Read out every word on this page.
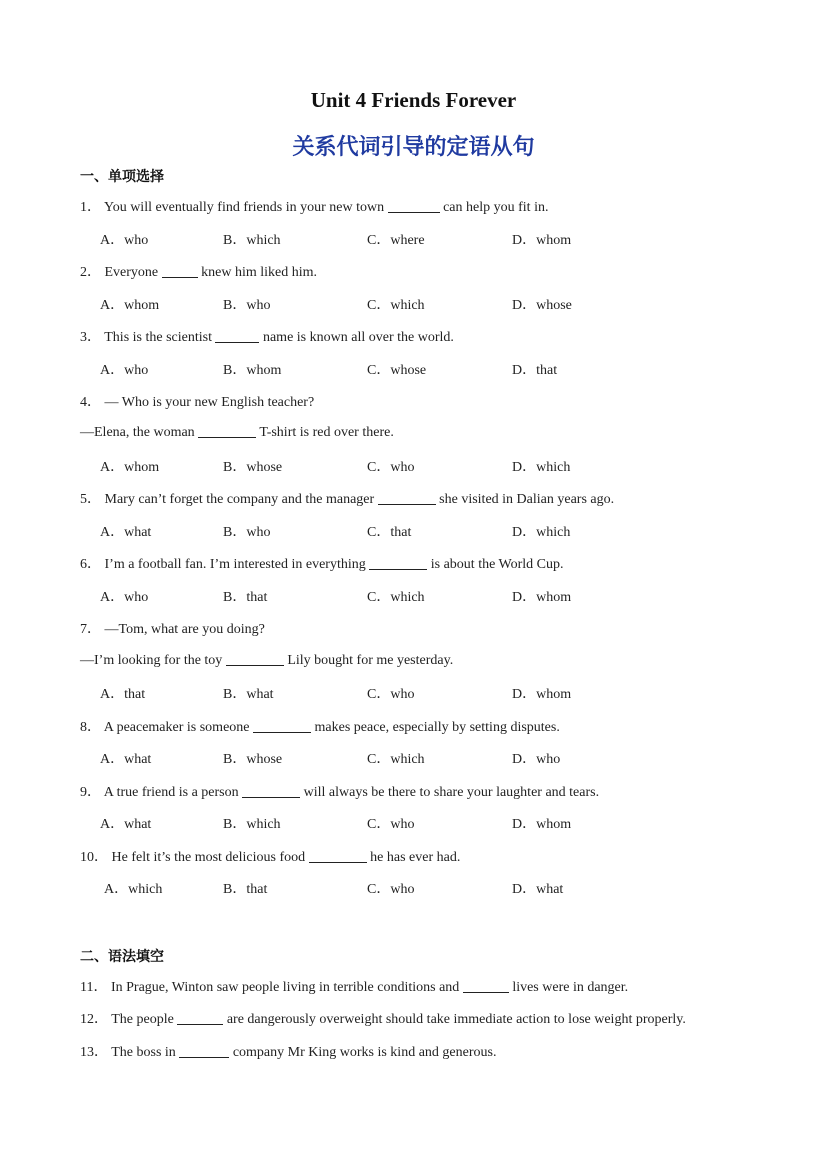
Unit 4 Friends Forever
关系代词引导的定语从句
一、单项选择
1． You will eventually find friends in your new town	can help you fit in.
A．who	B．which	C．where	D．whom
2． Everyone	knew him liked him.
A．whom	B．who	C．which	D．whose
3． This is the scientist	name is known all over the world.
A．who	B．whom	C．whose	D．that
4． — Who is your new English teacher?
—Elena, the woman	T-shirt is red over there.
A．whom	B．whose	C．who	D．which
5． Mary can’t forget the company and the manager	she visited in Dalian years ago.
A．what	B．who	C．that	D．which
6． I’m a football fan. I’m interested in everything	is about the World Cup.
A．who	B．that	C．which	D．whom
7． —Tom, what are you doing?
—I’m looking for the toy	Lily bought for me yesterday.
A．that	B．what	C．who	D．whom
8． A peacemaker is someone	makes peace, especially by setting disputes.
A．what	B．whose	C．which	D．who
9． A true friend is a person	will always be there to share your laughter and tears.
A．what	B．which	C．who	D．whom
10． He felt it’s the most delicious food	he has ever had.
A．which	B．that	C．who	D．what
二、语法填空
11． In Prague, Winton saw people living in terrible conditions and	lives were in danger.
12． The people	are dangerously overweight should take immediate action to lose weight properly.
13． The boss in	company Mr King works is kind and generous.
